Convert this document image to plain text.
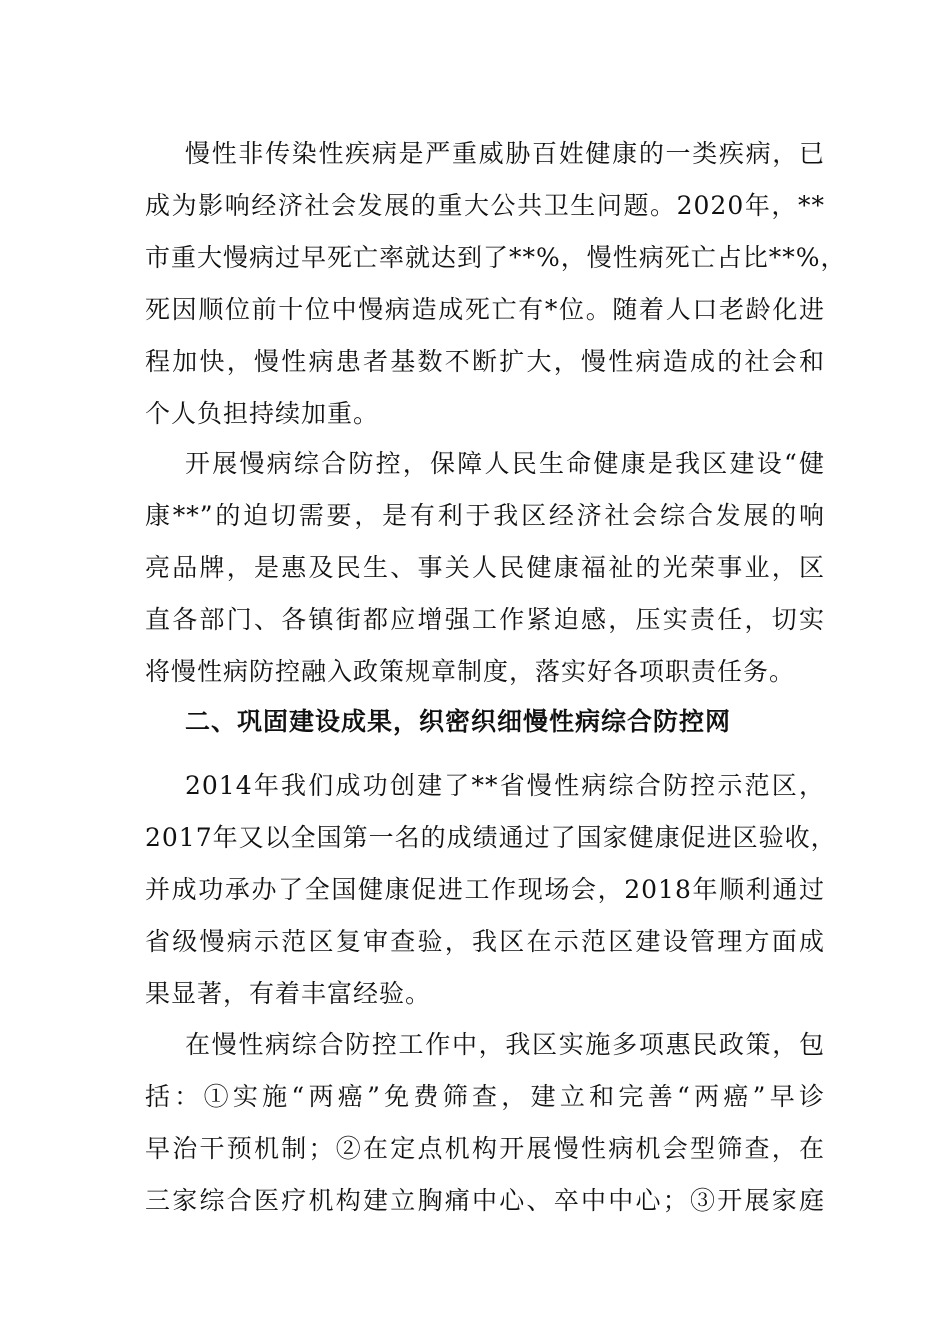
慢性非传染性疾病是严重威胁百姓健康的一类疾病，已
成为影响经济社会发展的重大公共卫生问题。2020年，**
市重大慢病过早死亡率就达到了**%，慢性病死亡占比**%，
死因顺位前十位中慢病造成死亡有*位。随着人口老龄化进
程加快，慢性病患者基数不断扩大，慢性病造成的社会和
个人负担持续加重。
开展慢病综合防控，保障人民生命健康是我区建设“健
康**”的迫切需要，是有利于我区经济社会综合发展的响
亮品牌，是惠及民生、事关人民健康福祉的光荣事业，区
直各部门、各镇街都应增强工作紧迫感，压实责任，切实
将慢性病防控融入政策规章制度，落实好各项职责任务。
二、巩固建设成果，织密织细慢性病综合防控网
2014年我们成功创建了**省慢性病综合防控示范区，
2017年又以全国第一名的成绩通过了国家健康促进区验收，
并成功承办了全国健康促进工作现场会，2018年顺利通过
省级慢病示范区复审查验，我区在示范区建设管理方面成
果显著，有着丰富经验。
在慢性病综合防控工作中，我区实施多项惠民政策，包
括：①实施“两癌”免费筛查，建立和完善“两癌”早诊
早治干预机制；②在定点机构开展慢性病机会型筛查，在
三家综合医疗机构建立胸痛中心、卒中中心；③开展家庭
